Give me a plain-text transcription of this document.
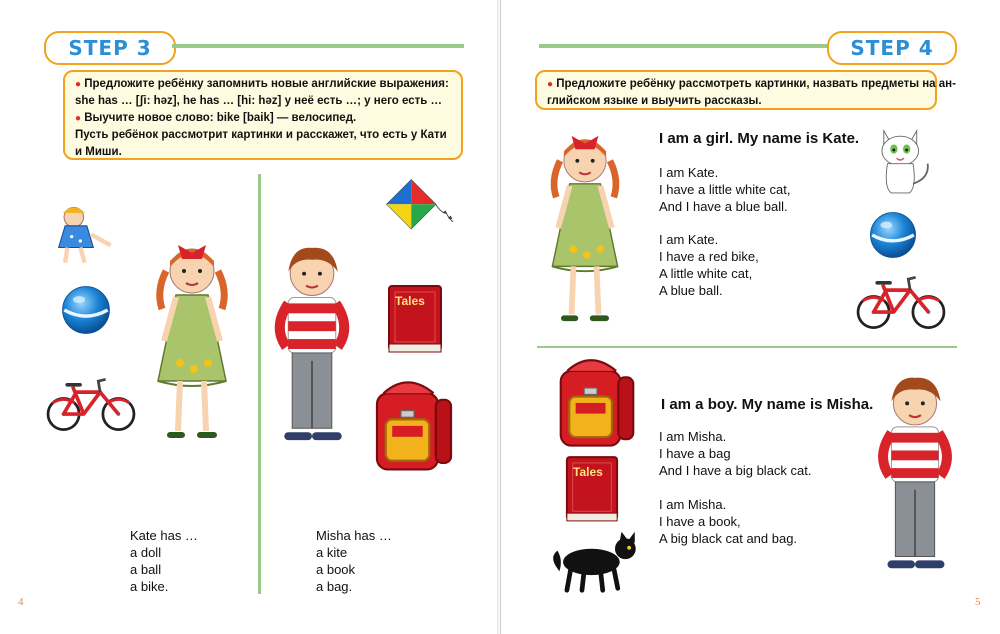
STEP 3
● Предложите ребёнку запомнить новые английские выражения:
she has … [ʃi: həz], he has … [hi: həz] у неё есть …; у него есть …
● Выучите новое слово: bike [baik] — велосипед.
Пусть ребёнок рассмотрит картинки и расскажет, что есть у Кати
и Миши.
Tales
Kate has …
a doll
a ball
a bike.
Misha has …
a kite
a book
a bag.
4
STEP 4
● Предложите ребёнку рассмотреть картинки, назвать предметы на ан-
глийском языке и выучить рассказы.
I am a girl. My name is Kate.
I am Kate.
I have a little white cat,
And I have a blue ball.
I am Kate.
I have a red bike,
A little white cat,
A blue ball.
Tales
I am a boy. My name is Misha.
I am Misha.
I have a bag
And I have a big black cat.
I am Misha.
I have a book,
A big black cat and bag.
5
